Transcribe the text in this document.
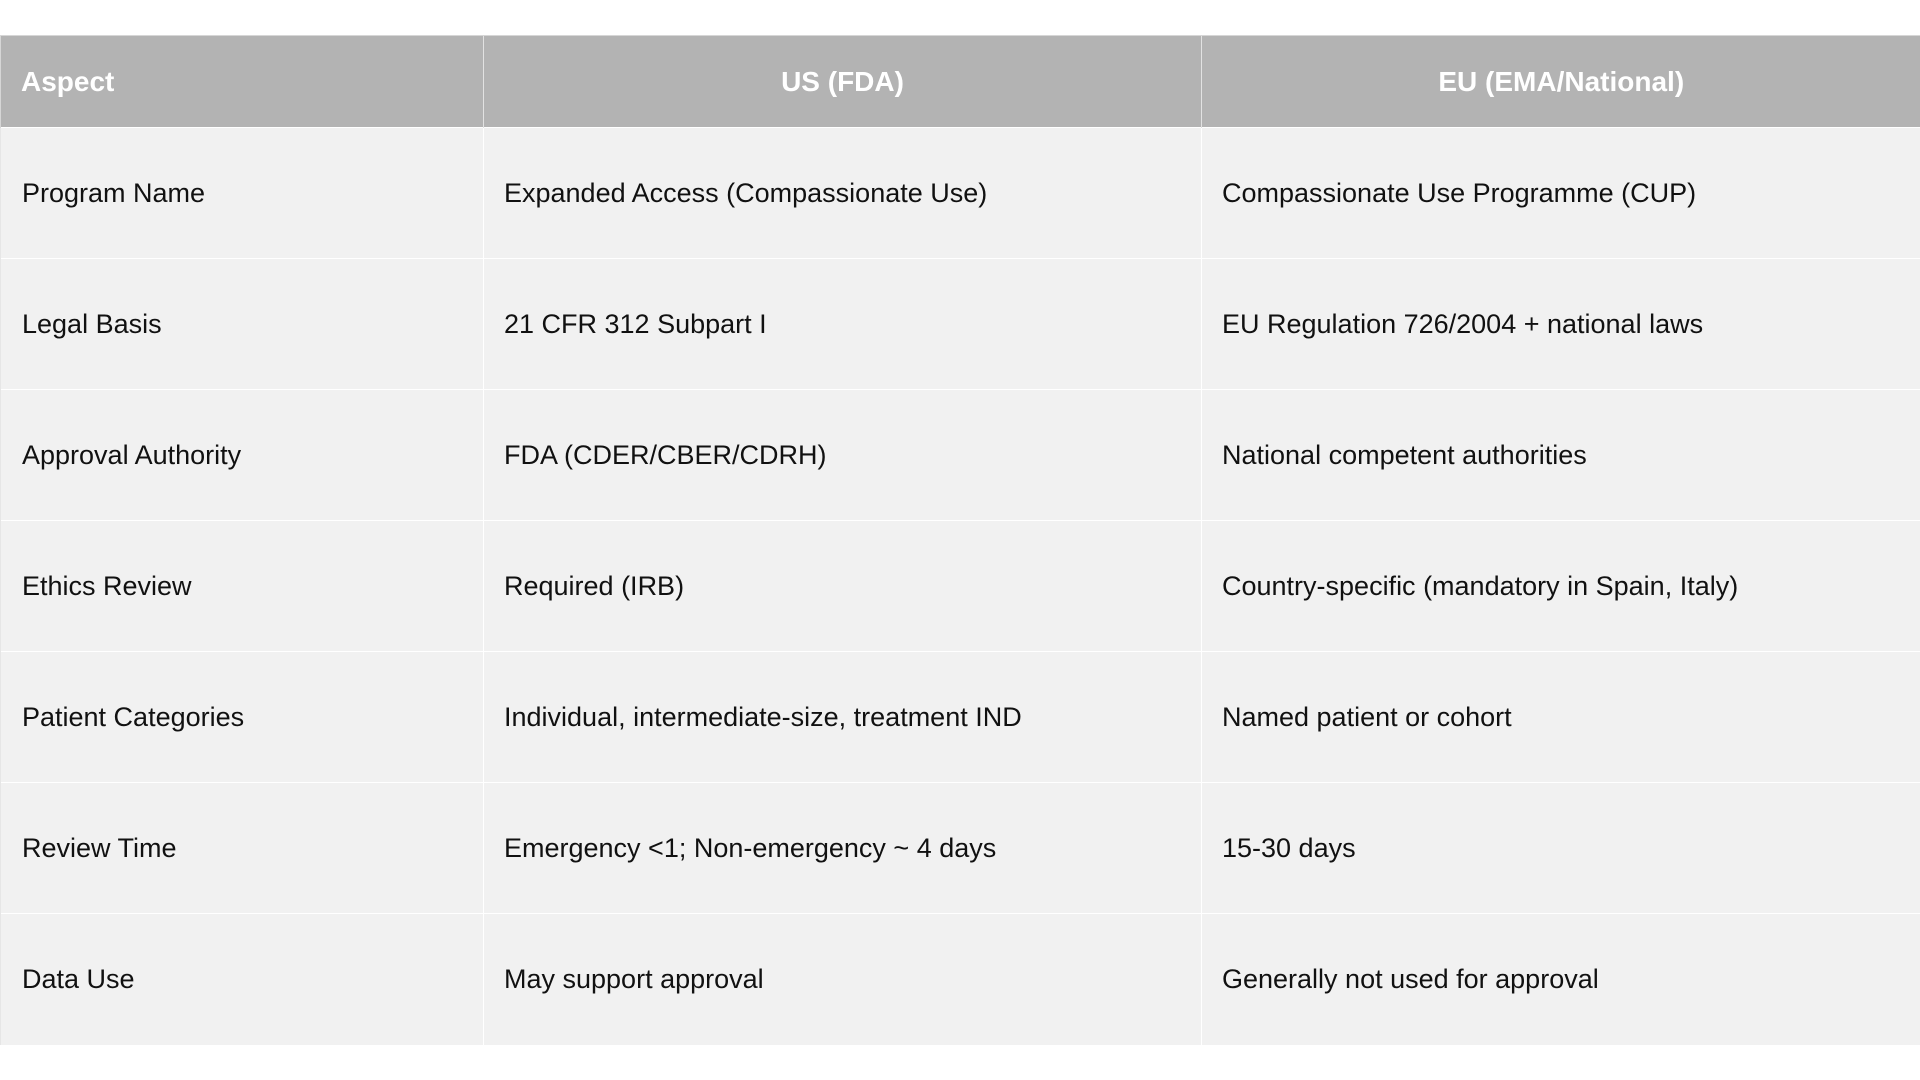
Aspect	US (FDA)	EU (EMA/National)
Program Name	Expanded Access (Compassionate Use)	Compassionate Use Programme (CUP)
Legal Basis	21 CFR 312 Subpart I	EU Regulation 726/2004 + national laws
Approval Authority	FDA (CDER/CBER/CDRH)	National competent authorities
Ethics Review	Required (IRB)	Country-specific (mandatory in Spain, Italy)
Patient Categories	Individual, intermediate-size, treatment IND	Named patient or cohort
Review Time	Emergency <1; Non-emergency ~ 4 days	15-30 days
Data Use	May support approval	Generally not used for approval
